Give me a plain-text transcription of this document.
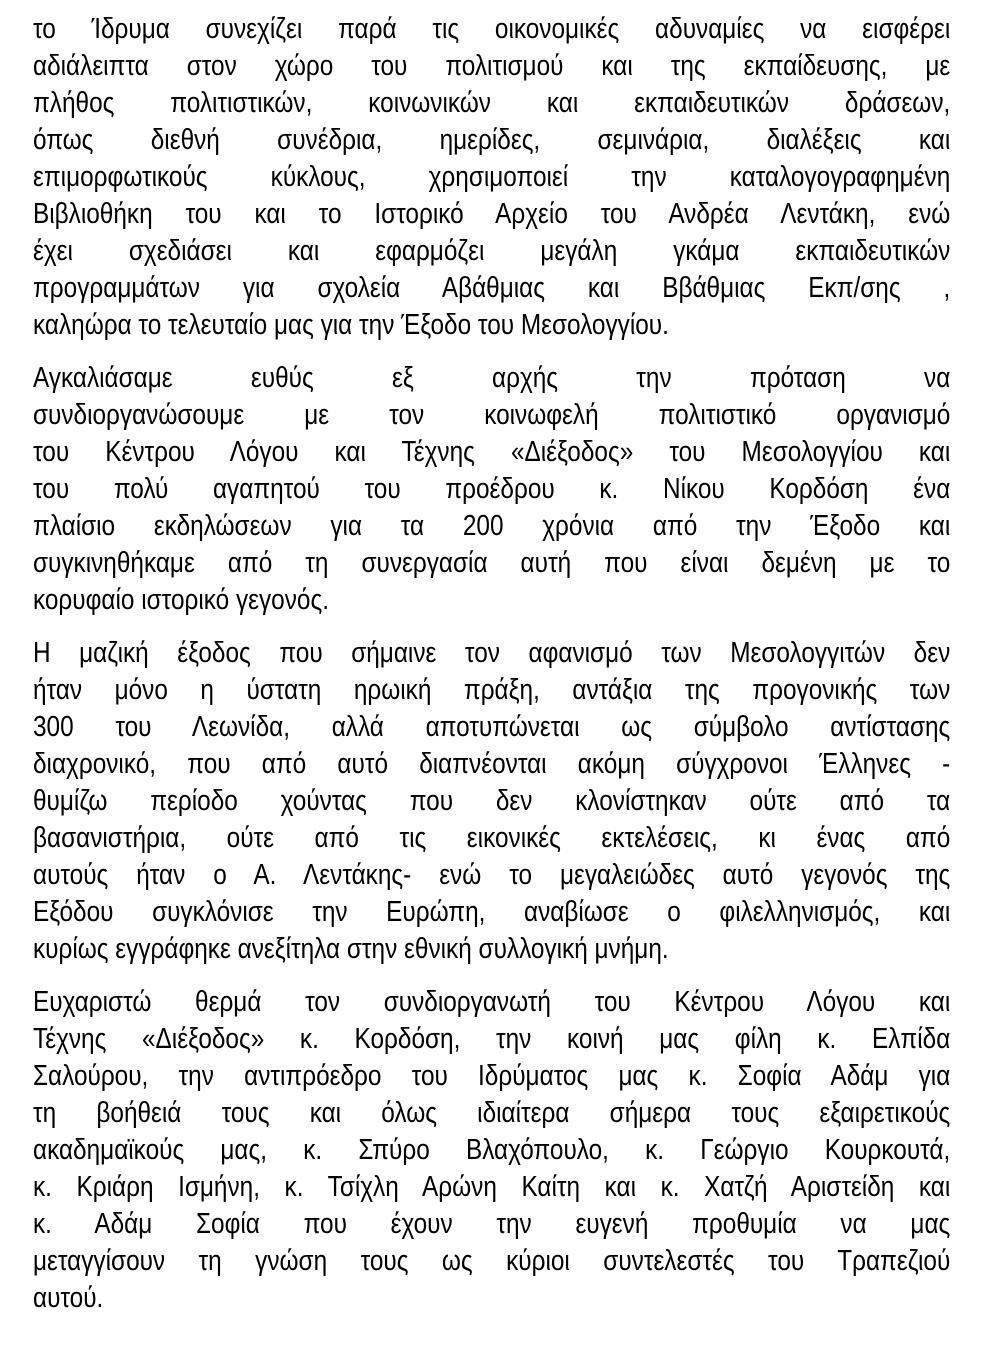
το Ίδρυμα συνεχίζει παρά τις οικονομικές αδυναμίες να εισφέρει
αδιάλειπτα στον χώρο του πολιτισμού και της εκπαίδευσης, με
πλήθος πολιτιστικών, κοινωνικών και εκπαιδευτικών δράσεων,
όπως διεθνή συνέδρια, ημερίδες, σεμινάρια, διαλέξεις και
επιμορφωτικούς κύκλους, χρησιμοποιεί την καταλογογραφημένη
Βιβλιοθήκη του και το Ιστορικό Αρχείο του Ανδρέα Λεντάκη, ενώ
έχει σχεδιάσει και εφαρμόζει μεγάλη γκάμα εκπαιδευτικών
προγραμμάτων για σχολεία Αβάθμιας και Ββάθμιας Εκπ/σης ,
καληώρα το τελευταίο μας για την Έξοδο του Μεσολογγίου.
Αγκαλιάσαμε ευθύς εξ αρχής την πρόταση να
συνδιοργανώσουμε με τον κοινωφελή πολιτιστικό οργανισμό
του Κέντρου Λόγου και Τέχνης «Διέξοδος» του Μεσολογγίου και
του πολύ αγαπητού του προέδρου κ. Νίκου Κορδόση ένα
πλαίσιο εκδηλώσεων για τα 200 χρόνια από την Έξοδο και
συγκινηθήκαμε από τη συνεργασία αυτή που είναι δεμένη με το
κορυφαίο ιστορικό γεγονός.
Η μαζική έξοδος που σήμαινε τον αφανισμό των Μεσολογγιτών δεν
ήταν μόνο η ύστατη ηρωική πράξη, αντάξια της προγονικής των
300 του Λεωνίδα, αλλά αποτυπώνεται ως σύμβολο αντίστασης
διαχρονικό, που από αυτό διαπνέονται ακόμη σύγχρονοι Έλληνες -
θυμίζω περίοδο χούντας που δεν κλονίστηκαν ούτε από τα
βασανιστήρια, ούτε από τις εικονικές εκτελέσεις, κι ένας από
αυτούς ήταν ο Α. Λεντάκης- ενώ το μεγαλειώδες αυτό γεγονός της
Εξόδου συγκλόνισε την Ευρώπη, αναβίωσε ο φιλελληνισμός, και
κυρίως εγγράφηκε ανεξίτηλα στην εθνική συλλογική μνήμη.
Ευχαριστώ θερμά τον συνδιοργανωτή του Κέντρου Λόγου και
Τέχνης «Διέξοδος» κ. Κορδόση, την κοινή μας φίλη κ. Ελπίδα
Σαλούρου, την αντιπρόεδρο του Ιδρύματος μας κ. Σοφία Αδάμ για
τη βοήθειά τους και όλως ιδιαίτερα σήμερα τους εξαιρετικούς
ακαδημαϊκούς μας, κ. Σπύρο Βλαχόπουλο, κ. Γεώργιο Κουρκουτά,
κ. Κριάρη Ισμήνη, κ. Τσίχλη Αρώνη Καίτη και κ. Χατζή Αριστείδη και
κ. Αδάμ Σοφία που έχουν την ευγενή προθυμία να μας
μεταγγίσουν τη γνώση τους ως κύριοι συντελεστές του Τραπεζιού
αυτού.
